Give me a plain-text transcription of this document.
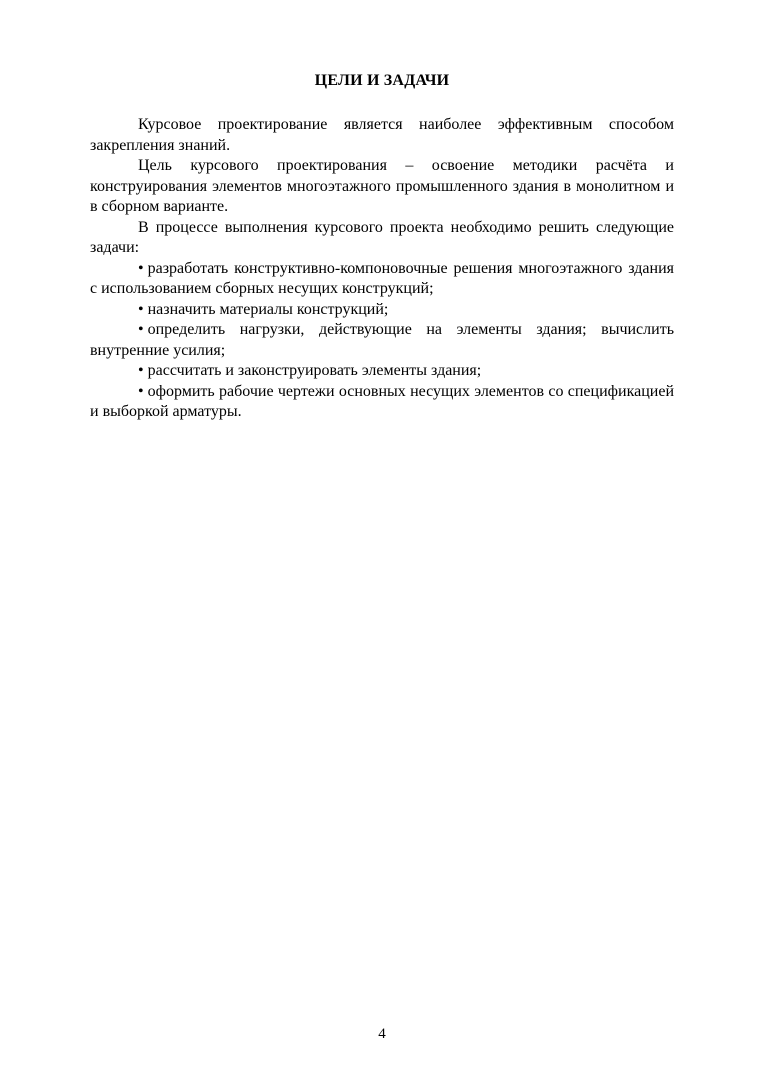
ЦЕЛИ И ЗАДАЧИ

Курсовое проектирование является наиболее эффективным способом закрепления знаний.

Цель курсового проектирования – освоение методики расчёта и конструирования элементов многоэтажного промышленного здания в монолитном и в сборном варианте.

В процессе выполнения курсового проекта необходимо решить следующие задачи:

• разработать конструктивно-компоновочные решения многоэтажного здания с использованием сборных несущих конструкций;

• назначить материалы конструкций;

• определить нагрузки, действующие на элементы здания; вычислить внутренние усилия;

• рассчитать и законструировать элементы здания;

• оформить рабочие чертежи основных несущих элементов со спецификацией и выборкой арматуры.

4
